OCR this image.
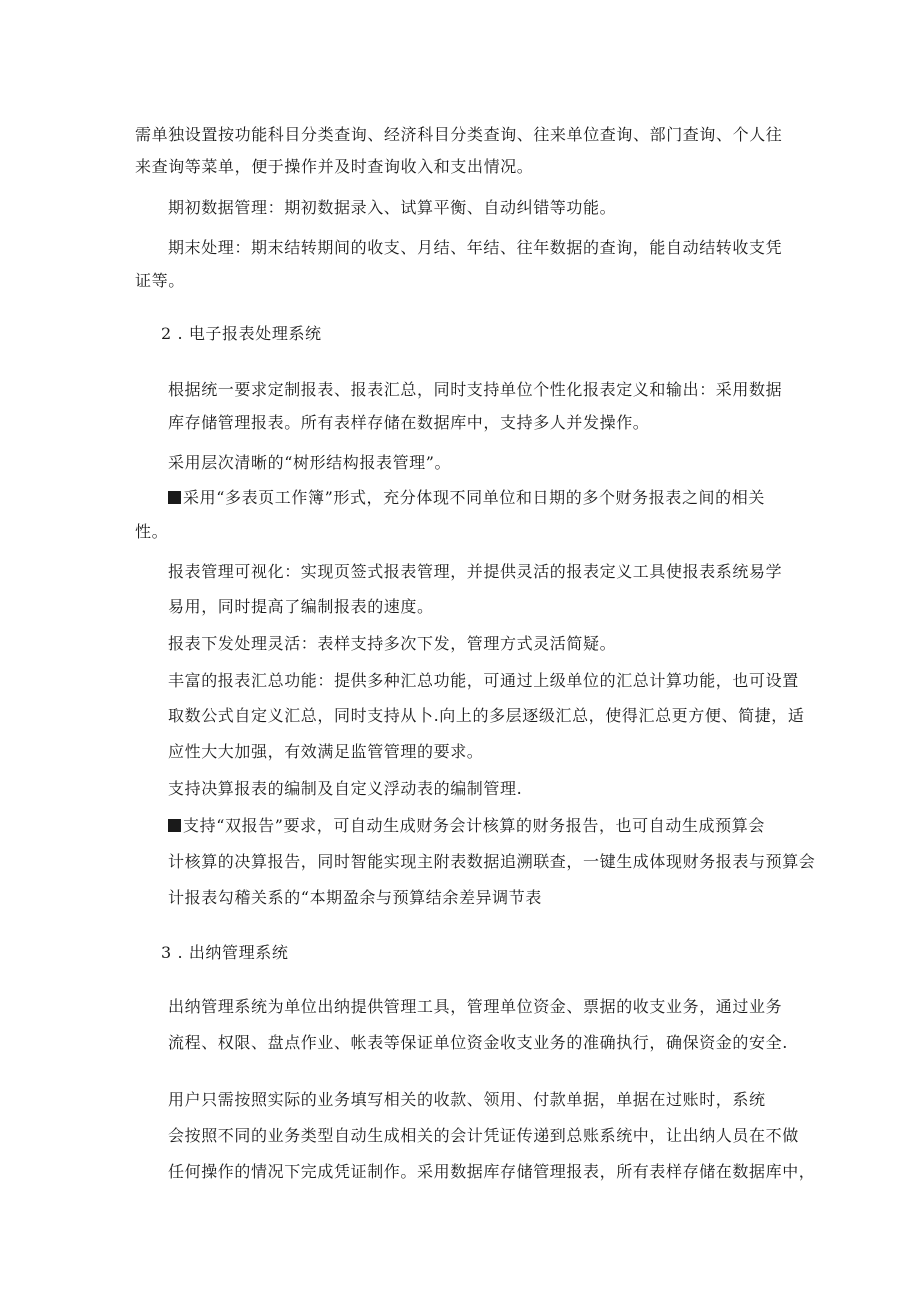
需单独设置按功能科目分类查询、经济科目分类查询、往来单位查询、部门查询、个人往
来查询等菜单，便于操作并及时查询收入和支出情况。
期初数据管理：期初数据录入、试算平衡、自动纠错等功能。
期末处理：期末结转期间的收支、月结、年结、往年数据的查询，能自动结转收支凭
证等。
2 . 电子报表处理系统
根据统一要求定制报表、报表汇总，同时支持单位个性化报表定义和输出：采用数据
库存储管理报表。所有表样存储在数据库中，支持多人并发操作。
采用层次清晰的“树形结构报表管理”。
采用“多表页工作簿”形式，充分体现不同单位和日期的多个财务报表之间的相关
性。
报表管理可视化：实现页签式报表管理，并提供灵活的报表定义工具使报表系统易学
易用，同时提高了编制报表的速度。
报表下发处理灵活：表样支持多次下发，管理方式灵活简疑。
丰富的报表汇总功能：提供多种汇总功能，可通过上级单位的汇总计算功能，也可设置
取数公式自定义汇总，同时支持从卜.向上的多层逐级汇总，使得汇总更方便、简捷，适
应性大大加强，有效满足监管管理的要求。
支持决算报表的编制及自定义浮动表的编制管理.
支持“双报告”要求，可自动生成财务会计核算的财务报告，也可自动生成预算会
计核算的决算报告，同时智能实现主附表数据追溯联查，一键生成体现财务报表与预算会
计报表勾稽关系的“本期盈余与预算结余差异调节表
3 . 出纳管理系统
出纳管理系统为单位出纳提供管理工具，管理单位资金、票据的收支业务，通过业务
流程、权限、盘点作业、帐表等保证单位资金收支业务的准确执行，确保资金的安全.
用户只需按照实际的业务填写相关的收款、领用、付款单据，单据在过账时，系统
会按照不同的业务类型自动生成相关的会计凭证传递到总账系统中，让出纳人员在不做
任何操作的情况下完成凭证制作。采用数据库存储管理报表，所有表样存储在数据库中，
